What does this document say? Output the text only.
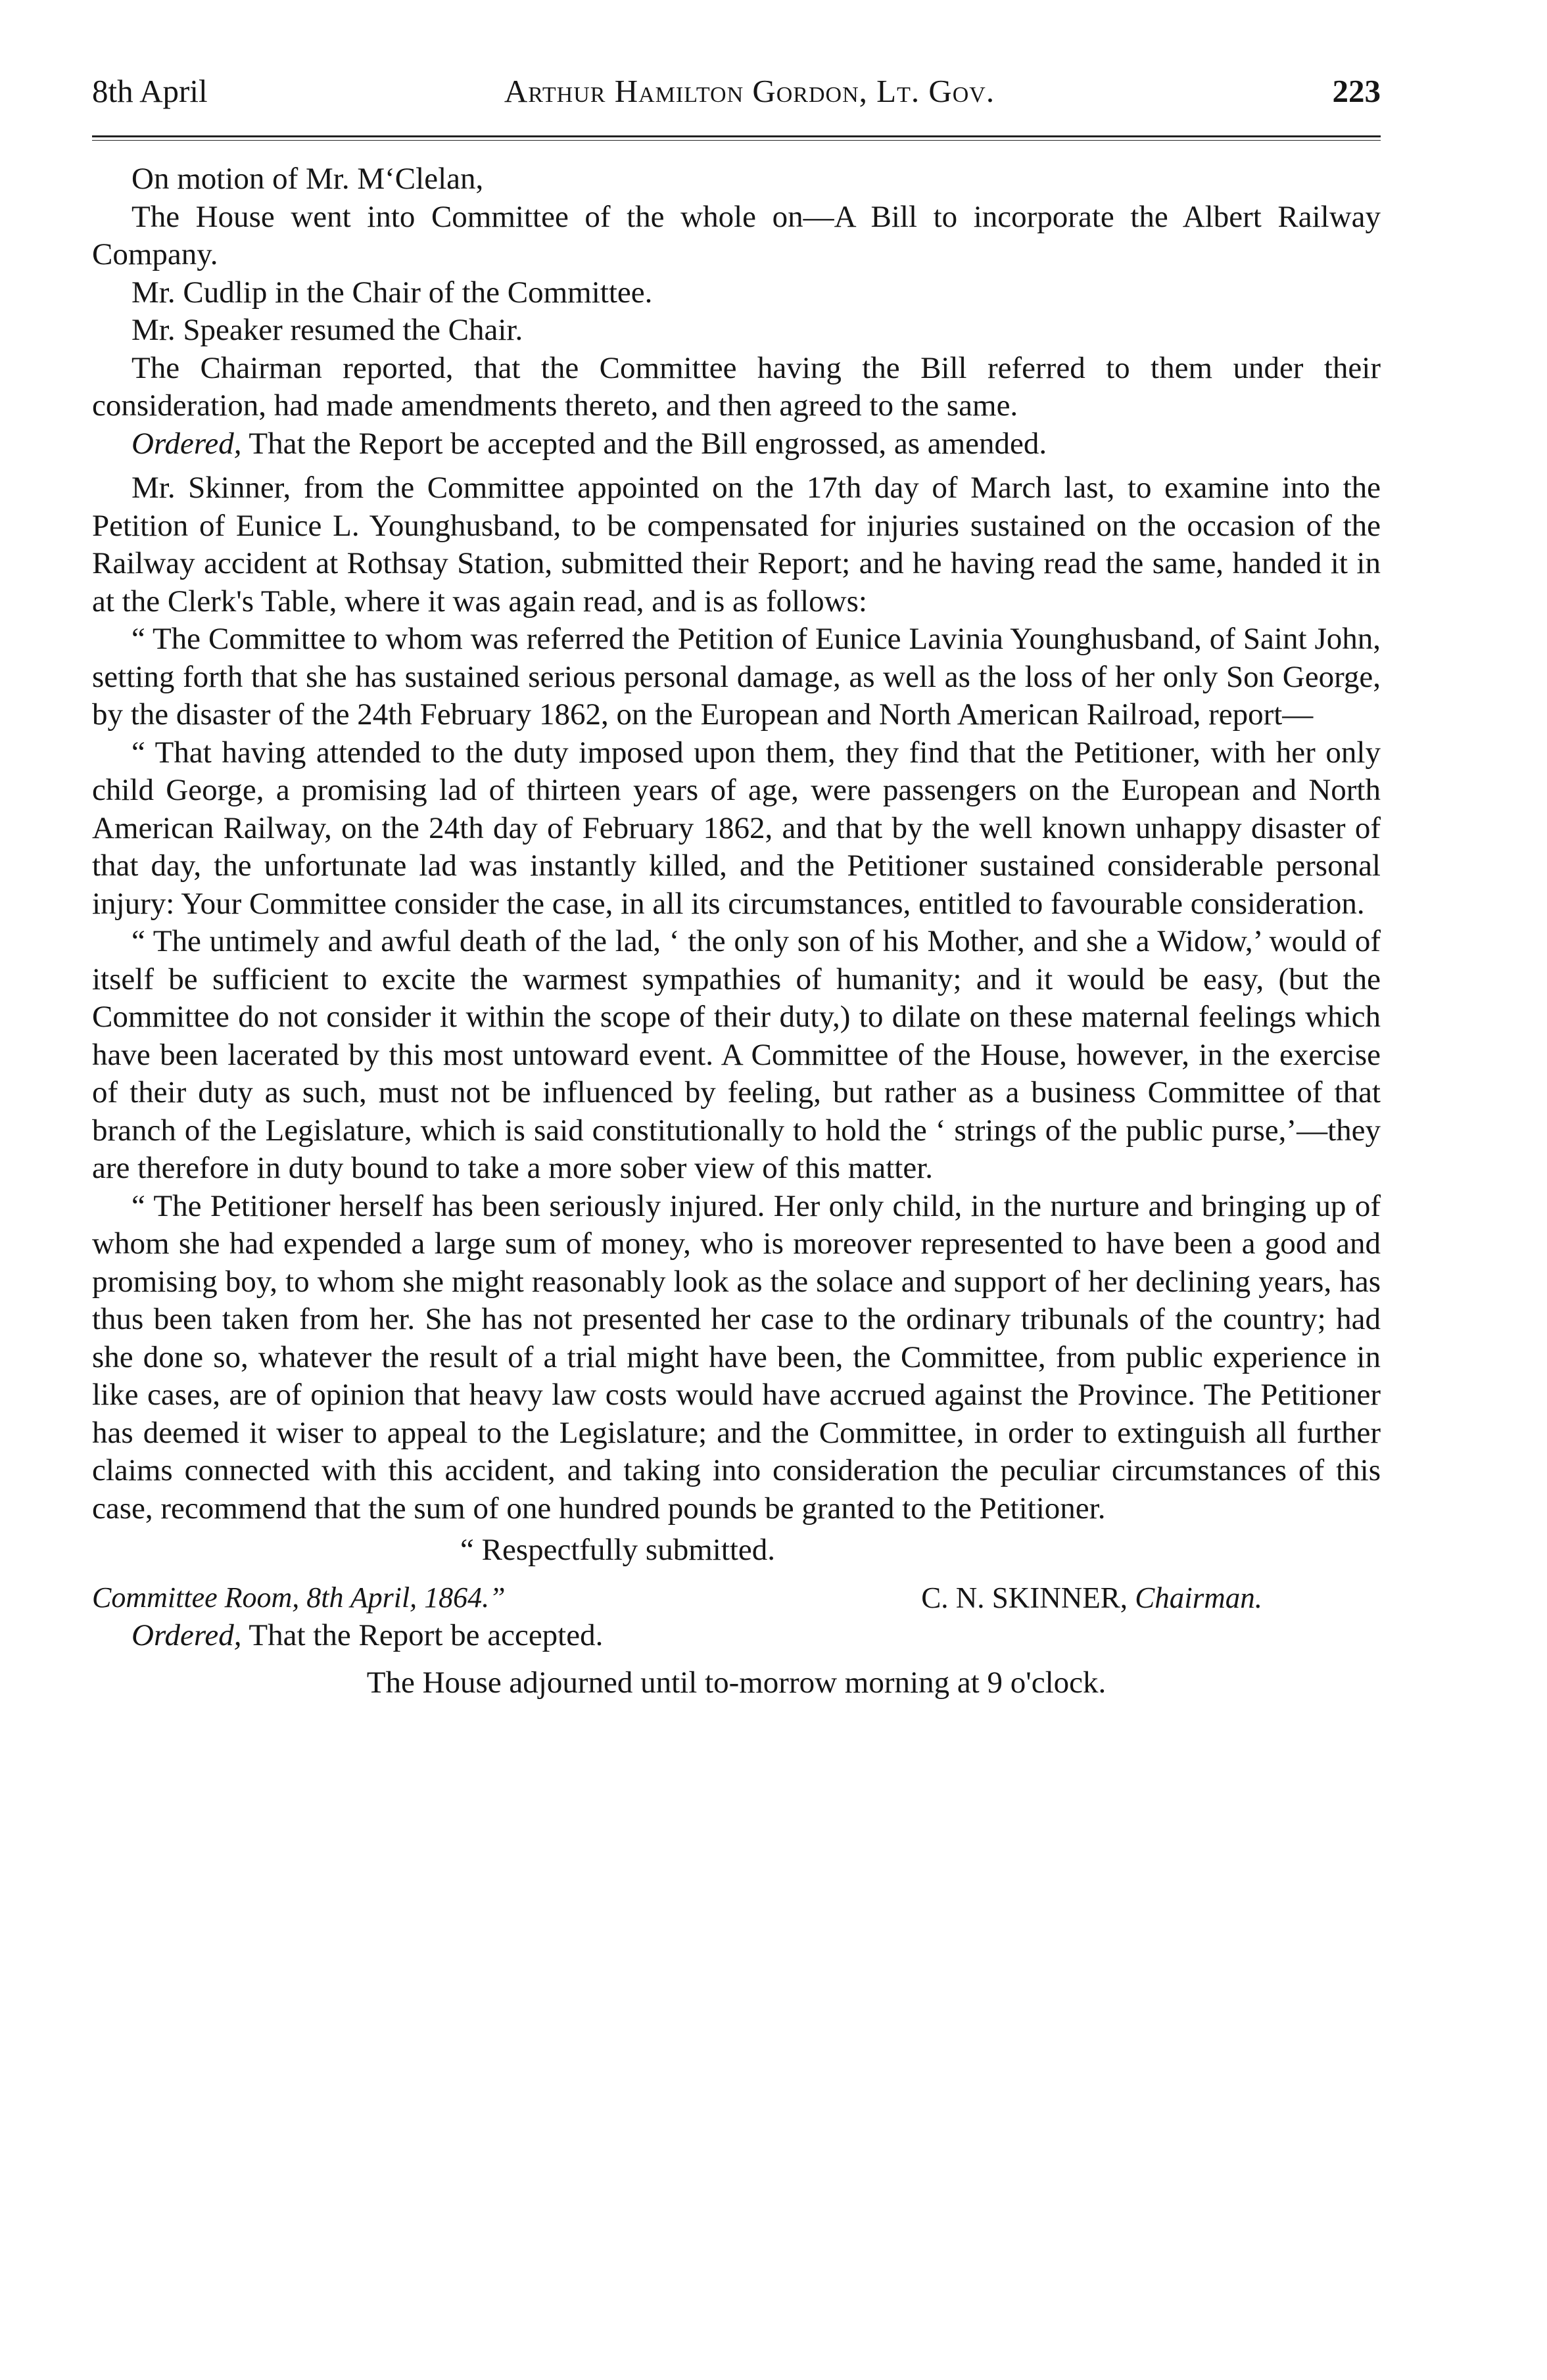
8th April	Arthur Hamilton Gordon, Lt. Gov.	223

On motion of Mr. M‘Clelan,

The House went into Committee of the whole on—A Bill to incorporate the Albert Railway Company.

Mr. Cudlip in the Chair of the Committee.

Mr. Speaker resumed the Chair.

The Chairman reported, that the Committee having the Bill referred to them under their consideration, had made amendments thereto, and then agreed to the same.

Ordered, That the Report be accepted and the Bill engrossed, as amended.

Mr. Skinner, from the Committee appointed on the 17th day of March last, to examine into the Petition of Eunice L. Younghusband, to be compensated for injuries sustained on the occasion of the Railway accident at Rothsay Station, submitted their Report; and he having read the same, handed it in at the Clerk's Table, where it was again read, and is as follows:

“ The Committee to whom was referred the Petition of Eunice Lavinia Younghusband, of Saint John, setting forth that she has sustained serious personal damage, as well as the loss of her only Son George, by the disaster of the 24th February 1862, on the European and North American Railroad, report—

“ That having attended to the duty imposed upon them, they find that the Petitioner, with her only child George, a promising lad of thirteen years of age, were passengers on the European and North American Railway, on the 24th day of February 1862, and that by the well known unhappy disaster of that day, the unfortunate lad was instantly killed, and the Petitioner sustained considerable personal injury: Your Committee consider the case, in all its circumstances, entitled to favourable consideration.

“ The untimely and awful death of the lad, ‘ the only son of his Mother, and she a Widow,’ would of itself be sufficient to excite the warmest sympathies of humanity; and it would be easy, (but the Committee do not consider it within the scope of their duty,) to dilate on these maternal feelings which have been lacerated by this most untoward event. A Committee of the House, however, in the exercise of their duty as such, must not be influenced by feeling, but rather as a business Committee of that branch of the Legislature, which is said constitutionally to hold the ‘ strings of the public purse,’—they are therefore in duty bound to take a more sober view of this matter.

“ The Petitioner herself has been seriously injured. Her only child, in the nurture and bringing up of whom she had expended a large sum of money, who is moreover represented to have been a good and promising boy, to whom she might reasonably look as the solace and support of her declining years, has thus been taken from her. She has not presented her case to the ordinary tribunals of the country; had she done so, whatever the result of a trial might have been, the Committee, from public experience in like cases, are of opinion that heavy law costs would have accrued against the Province. The Petitioner has deemed it wiser to appeal to the Legislature; and the Committee, in order to extinguish all further claims connected with this accident, and taking into consideration the peculiar circumstances of this case, recommend that the sum of one hundred pounds be granted to the Petitioner.

“ Respectfully submitted.

Committee Room, 8th April, 1864.”	C. N. SKINNER, Chairman.

Ordered, That the Report be accepted.

The House adjourned until to-morrow morning at 9 o'clock.
